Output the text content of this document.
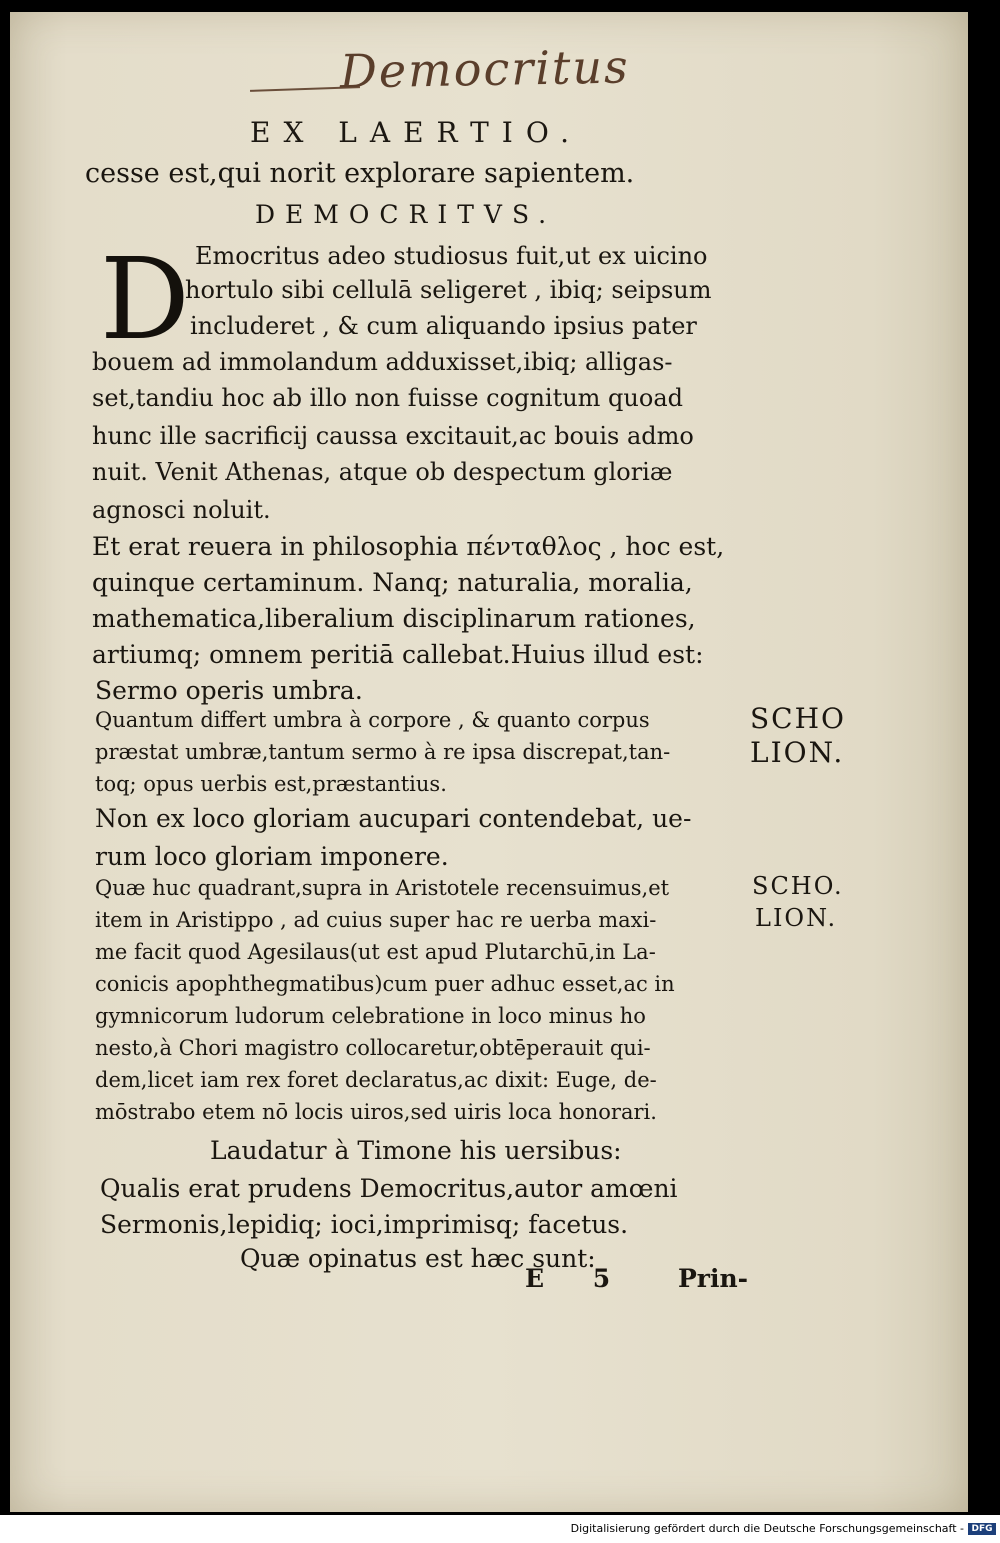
Democritus
EX LAERTIO.
cesse est,qui norit explorare sapientem.
DEMOCRITVS.
D Emocritus adeo studiosus fuit,ut ex uicino
hortulo sibi cellulā seligeret , ibiq; seipsum
includeret , & cum aliquando ipsius pater
bouem ad immolandum adduxisset,ibiq; alligas-
set,tandiu hoc ab illo non fuisse cognitum quoad
hunc ille sacrificij caussa excitauit,ac bouis admo
nuit. Venit Athenas, atque ob despectum gloriæ
agnosci noluit.
Et erat reuera in philosophia πένταθλος , hoc est,
quinque certaminum. Nanq; naturalia, moralia,
mathematica,liberalium disciplinarum rationes,
artiumq; omnem peritiā callebat.Huius illud est:
Sermo operis umbra.
Quantum differt umbra à corpore , & quanto corpus
præstat umbræ,tantum sermo à re ipsa discrepat,tan-
toq; opus uerbis est,præstantius.
SCHO
LION.
Non ex loco gloriam aucupari contendebat, ue-
rum loco gloriam imponere.
Quæ huc quadrant,supra in Aristotele recensuimus,et
item in Aristippo , ad cuius super hac re uerba maxi-
me facit quod Agesilaus(ut est apud Plutarchū,in La-
conicis apophthegmatibus)cum puer adhuc esset,ac in
gymnicorum ludorum celebratione in loco minus ho
nesto,à Chori magistro collocaretur,obtēperauit qui-
dem,licet iam rex foret declaratus,ac dixit: Euge, de-
mōstrabo etem nō locis uiros,sed uiris loca honorari.
SCHO.
LION.
Laudatur à Timone his uersibus:
Qualis erat prudens Democritus,autor amœni
Sermonis,lepidiq; ioci,imprimisq; facetus.
Quæ opinatus est hæc sunt:
E 5 Prin-
Digitalisierung gefördert durch die Deutsche Forschungsgemeinschaft - DFG
